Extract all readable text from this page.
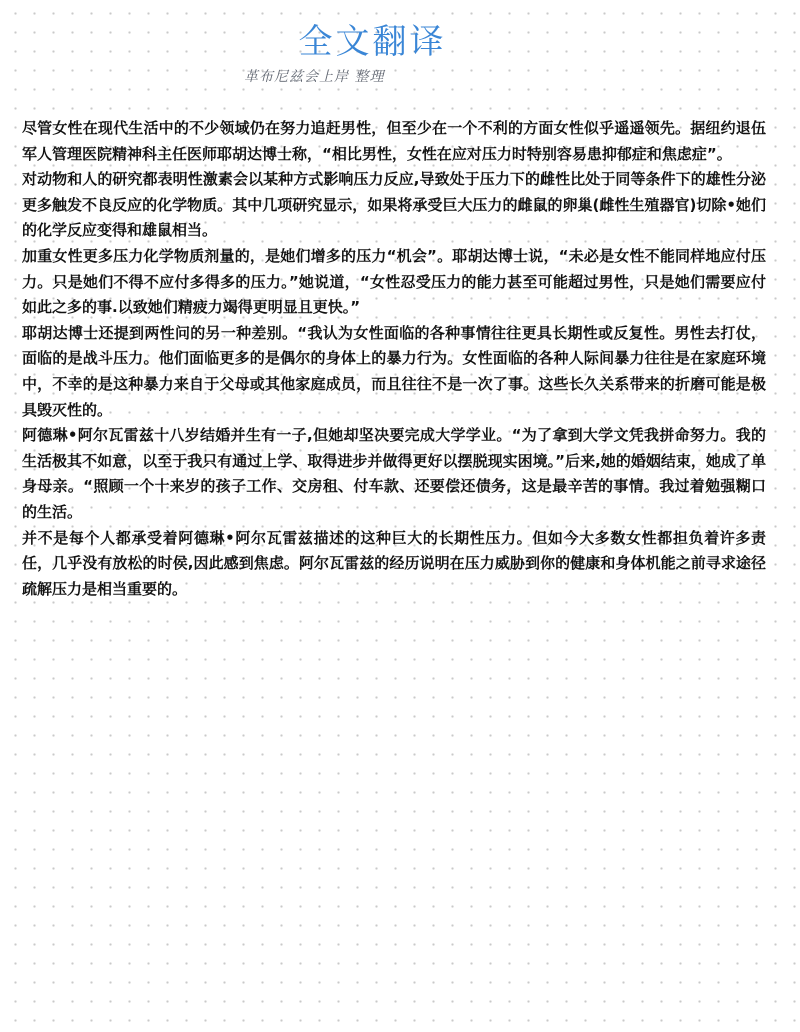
全文翻译
革布尼兹会上岸 整理

尽管女性在现代生活中的不少领域仍在努力追赶男性，但至少在一个不利的方面女性似乎遥遥领先。据纽约退伍军人管理医院精神科主任医师耶胡达博士称，“相比男性，女性在应对压力时特别容易患抑郁症和焦虑症”。

对动物和人的研究都表明性激素会以某种方式影响压力反应,导致处于压力下的雌性比处于同等条件下的雄性分泌更多触发不良反应的化学物质。其中几项研究显示，如果将承受巨大压力的雌鼠的卵巢(雌性生殖器官)切除•她们的化学反应变得和雄鼠相当。

加重女性更多压力化学物质剂量的，是她们增多的压力“机会”。耶胡达博士说，“未必是女性不能同样地应付压力。只是她们不得不应付多得多的压力。”她说道，“女性忍受压力的能力甚至可能超过男性，只是她们需要应付如此之多的事.以致她们精疲力竭得更明显且更快。”

耶胡达博士还提到两性问的另一种差别。“我认为女性面临的各种事情往往更具长期性或反复性。男性去打仗，面临的是战斗压力。他们面临更多的是偶尔的身体上的暴力行为。女性面临的各种人际间暴力往往是在家庭环境中，不幸的是这种暴力来自于父母或其他家庭成员，而且往往不是一次了事。这些长久关系带来的折磨可能是极具毁灭性的。

阿德琳•阿尔瓦雷兹十八岁结婚并生有一子,但她却坚决要完成大学学业。“为了拿到大学文凭我拼命努力。我的生活极其不如意，以至于我只有通过上学、取得进步并做得更好以摆脱现实困境。”后来,她的婚姻结束，她成了单身母亲。“照顾一个十来岁的孩子工作、交房租、付车款、还要偿还债务，这是最辛苦的事情。我过着勉强糊口的生活。

并不是每个人都承受着阿德琳•阿尔瓦雷兹描述的这种巨大的长期性压力。但如今大多数女性都担负着许多责任，几乎没有放松的时侯,因此感到焦虑。阿尔瓦雷兹的经历说明在压力威胁到你的健康和身体机能之前寻求途径疏解压力是相当重要的。
